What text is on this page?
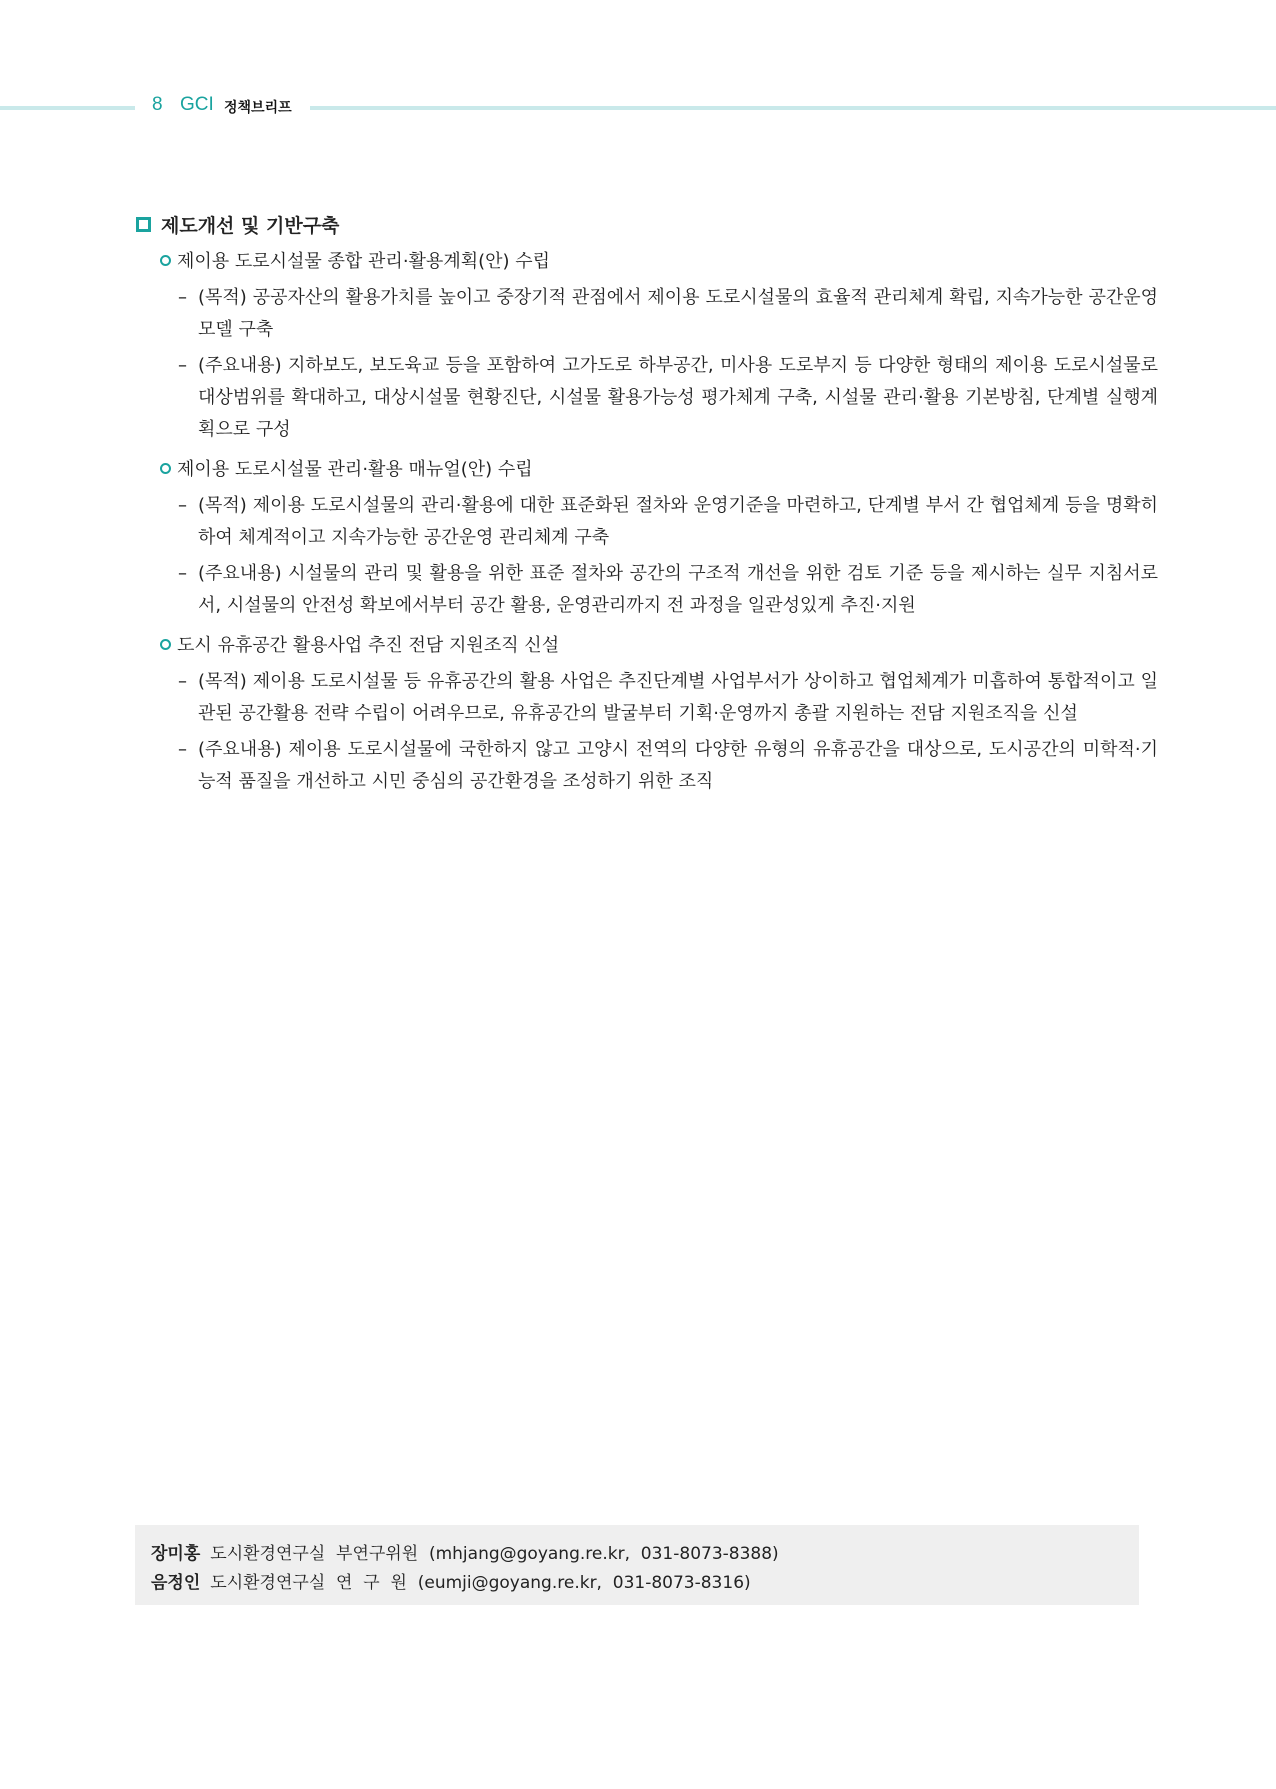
8 GCI 정책브리프
제도개선 및 기반구축
제이용 도로시설물 종합 관리·활용계획(안) 수립
– (목적) 공공자산의 활용가치를 높이고 중장기적 관점에서 제이용 도로시설물의 효율적 관리체계 확립, 지속가능한 공간운영 모델 구축
– (주요내용) 지하보도, 보도육교 등을 포함하여 고가도로 하부공간, 미사용 도로부지 등 다양한 형태의 제이용 도로시설물로 대상범위를 확대하고, 대상시설물 현황진단, 시설물 활용가능성 평가체계 구축, 시설물 관리·활용 기본방침, 단계별 실행계획으로 구성
제이용 도로시설물 관리·활용 매뉴얼(안) 수립
– (목적) 제이용 도로시설물의 관리·활용에 대한 표준화된 절차와 운영기준을 마련하고, 단계별 부서 간 협업체계 등을 명확히 하여 체계적이고 지속가능한 공간운영 관리체계 구축
– (주요내용) 시설물의 관리 및 활용을 위한 표준 절차와 공간의 구조적 개선을 위한 검토 기준 등을 제시하는 실무 지침서로서, 시설물의 안전성 확보에서부터 공간 활용, 운영관리까지 전 과정을 일관성있게 추진·지원
도시 유휴공간 활용사업 추진 전담 지원조직 신설
– (목적) 제이용 도로시설물 등 유휴공간의 활용 사업은 추진단계별 사업부서가 상이하고 협업체계가 미흡하여 통합적이고 일관된 공간활용 전략 수립이 어려우므로, 유휴공간의 발굴부터 기획·운영까지 총괄 지원하는 전담 지원조직을 신설
– (주요내용) 제이용 도로시설물에 국한하지 않고 고양시 전역의 다양한 유형의 유휴공간을 대상으로, 도시공간의 미학적·기능적 품질을 개선하고 시민 중심의 공간환경을 조성하기 위한 조직
장미홍 도시환경연구실  부연구위원  (mhjang@goyang.re.kr,  031-8073-8388)
음정인 도시환경연구실  연  구  원  (eumji@goyang.re.kr,  031-8073-8316)
